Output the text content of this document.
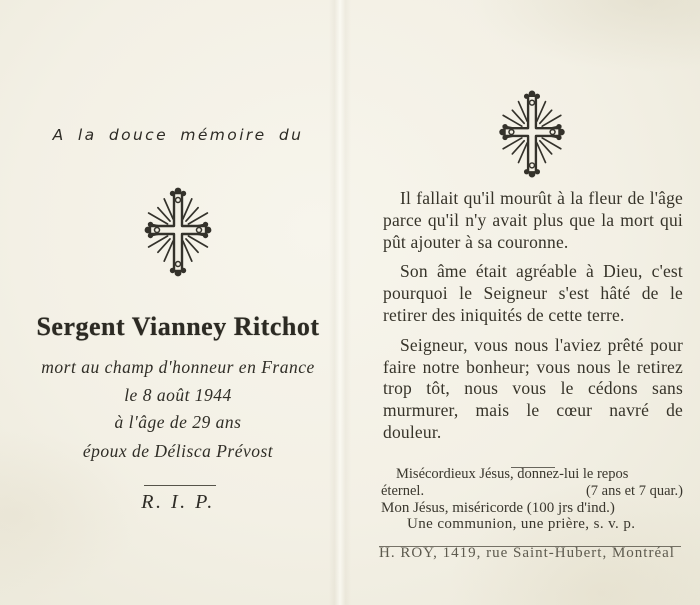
A la douce mémoire du
Sergent Vianney Ritchot
mort au champ d'honneur en France
le 8 août 1944
à l'âge de 29 ans
époux de Délisca Prévost
R. I. P.

Il fallait qu'il mourût à la fleur de l'âge parce qu'il n'y avait plus que la mort qui pût ajouter à sa couronne.

Son âme était agréable à Dieu, c'est pourquoi le Seigneur s'est hâté de le retirer des iniquités de cette terre.

Seigneur, vous nous l'aviez prêté pour faire notre bonheur; vous nous le retirez trop tôt, nous vous le cédons sans murmurer, mais le cœur navré de douleur.

Misécordieux Jésus, donnez-lui le repos
éternel.	(7 ans et 7 quar.)
Mon Jésus, miséricorde (100 jrs d'ind.)
Une communion, une prière, s. v. p.
H. ROY, 1419, rue Saint-Hubert, Montréal
